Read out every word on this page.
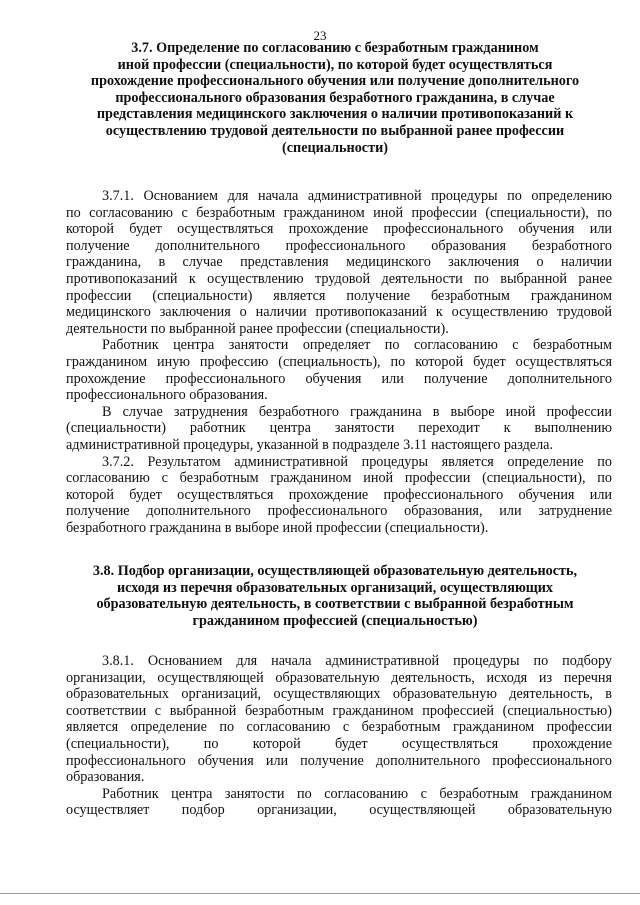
23
3.7. Определение по согласованию с безработным гражданином
иной профессии (специальности), по которой будет осуществляться
прохождение профессионального обучения или получение дополнительного
профессионального образования безработного гражданина, в случае
представления медицинского заключения о наличии противопоказаний к
осуществлению трудовой деятельности по выбранной ранее профессии
(специальности)
3.7.1. Основанием для начала административной процедуры по определению
по согласованию с безработным гражданином иной профессии (специальности), по
которой будет осуществляться прохождение профессионального обучения или
получение дополнительного профессионального образования безработного
гражданина, в случае представления медицинского заключения о наличии
противопоказаний к осуществлению трудовой деятельности по выбранной ранее
профессии (специальности) является получение безработным гражданином
медицинского заключения о наличии противопоказаний к осуществлению трудовой
деятельности по выбранной ранее профессии (специальности).
Работник центра занятости определяет по согласованию с безработным
гражданином иную профессию (специальность), по которой будет осуществляться
прохождение профессионального обучения или получение дополнительного
профессионального образования.
В случае затруднения безработного гражданина в выборе иной профессии
(специальности) работник центра занятости переходит к выполнению
административной процедуры, указанной в подразделе 3.11 настоящего раздела.
3.7.2. Результатом административной процедуры является определение по
согласованию с безработным гражданином иной профессии (специальности), по
которой будет осуществляться прохождение профессионального обучения или
получение дополнительного профессионального образования, или затруднение
безработного гражданина в выборе иной профессии (специальности).
3.8. Подбор организации, осуществляющей образовательную деятельность,
исходя из перечня образовательных организаций, осуществляющих
образовательную деятельность, в соответствии с выбранной безработным
гражданином профессией (специальностью)
3.8.1. Основанием для начала административной процедуры по подбору
организации, осуществляющей образовательную деятельность, исходя из перечня
образовательных организаций, осуществляющих образовательную деятельность, в
соответствии с выбранной безработным гражданином профессией (специальностью)
является определение по согласованию с безработным гражданином профессии
(специальности), по которой будет осуществляться прохождение
профессионального обучения или получение дополнительного профессионального
образования.
Работник центра занятости по согласованию с безработным гражданином
осуществляет подбор организации, осуществляющей образовательную
